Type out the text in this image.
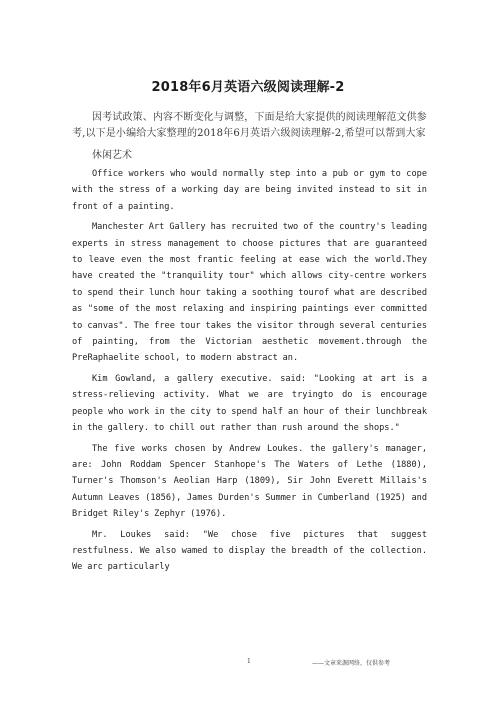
2018年6月英语六级阅读理解-2

因考试政策、内容不断变化与调整，下面是给大家提供的阅读理解范文供参考,以下是小编给大家整理的2018年6月英语六级阅读理解-2,希望可以帮到大家

休闲艺术

Office workers who would normally step into a pub or gym to cope with the stress of a working day are being invited instead to sit in front of a painting.

Manchester Art Gallery has recruited two of the country's leading experts in stress management to choose pictures that are guaranteed to leave even the most frantic feeling at ease wich the world.They have created the "tranquility tour" which allows city-centre workers to spend their lunch hour taking a soothing tourof what are described as "some of the most relaxing and inspiring paintings ever committed to canvas". The free tour takes the visitor through several centuries of painting, from the Victorian aesthetic movement.through the PreRaphaelite school, to modern abstract an.

Kim Gowland, a gallery executive. said: "Looking at art is a stress-relieving activity. What we are tryingto do is encourage people who work in the city to spend half an hour of their lunchbreak in the gallery. to chill out rather than rush around the shops."

The five works chosen by Andrew Loukes. the gallery's manager, are: John Roddam Spencer Stanhope's The Waters of Lethe (1880), Turner's Thomson's Aeolian Harp (1809), Sir John Everett Millais's Autumn Leaves (1856), James Durden's Summer in Cumberland (1925) and Bridget Riley's Zephyr (1976).

Mr. Loukes said: "We chose five pictures that suggest restfulness. We also wamed to display the breadth of the collection. We arc particularly

1	——文章来源网络，仅供参考
